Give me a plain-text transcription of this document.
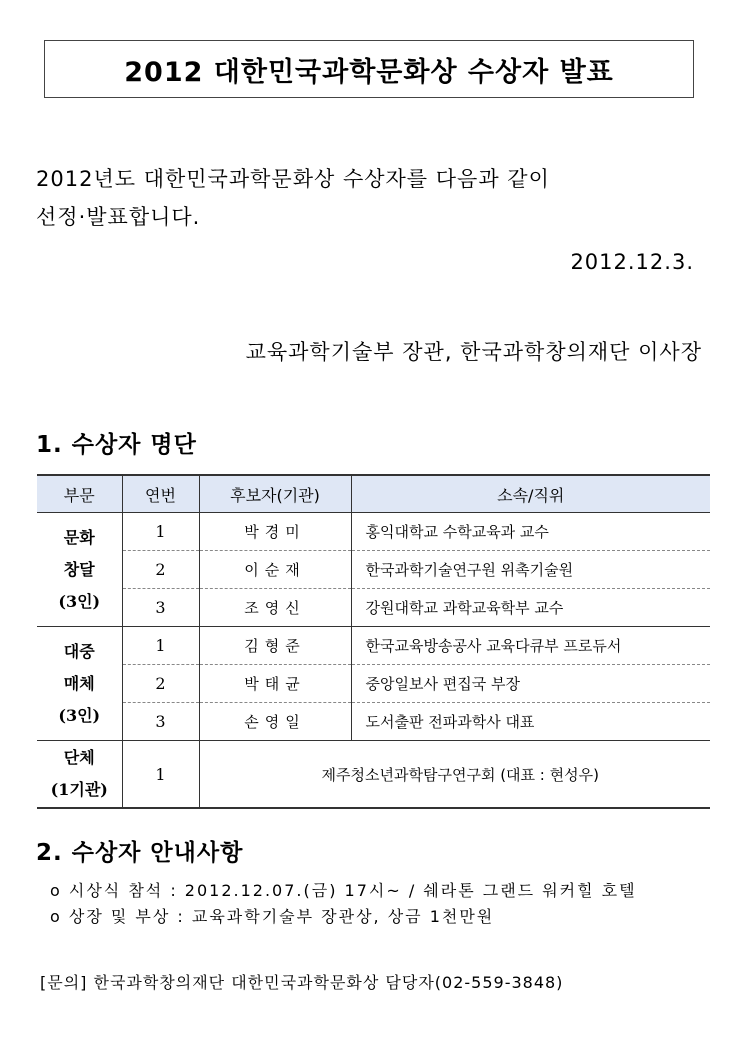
2012 대한민국과학문화상 수상자 발표
2012년도 대한민국과학문화상 수상자를 다음과 같이
선정·발표합니다.
2012.12.3.
교육과학기술부 장관, 한국과학창의재단 이사장
1. 수상자 명단
부문	연번	후보자(기관)	소속/직위

문화
창달
(3인)	1	박경미	홍익대학교 수학교육과 교수
	2	이순재	한국과학기술연구원 위촉기술원
	3	조영신	강원대학교 과학교육학부 교수

대중
매체
(3인)	1	김형준	한국교육방송공사 교육다큐부 프로듀서
	2	박태균	중앙일보사 편집국 부장
	3	손영일	도서출판 전파과학사 대표

단체
(1기관)	1	제주청소년과학탐구연구회 (대표 : 현성우)	
2. 수상자 안내사항
o 시상식 참석 : 2012.12.07.(금) 17시~ / 쉐라톤 그랜드 워커힐 호텔
o 상장 및 부상 : 교육과학기술부 장관상, 상금 1천만원
[문의] 한국과학창의재단 대한민국과학문화상 담당자(02-559-3848)
